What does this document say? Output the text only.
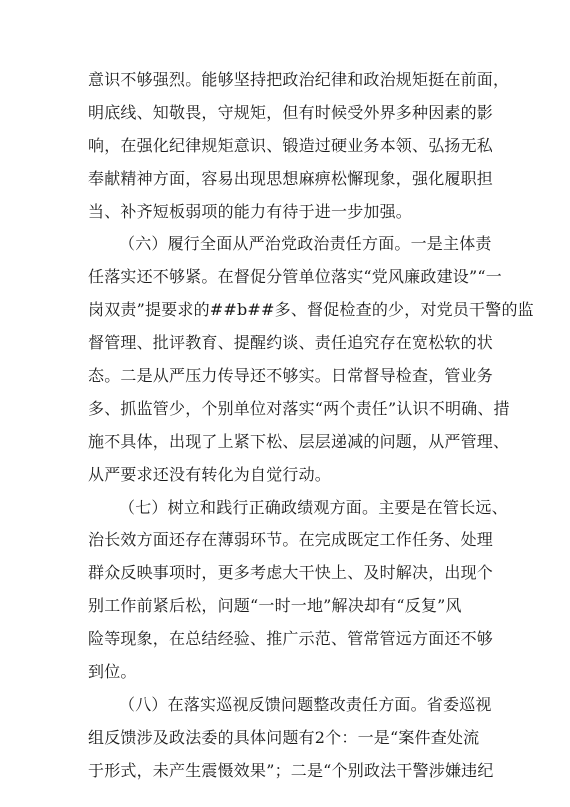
意识不够强烈。能够坚持把政治纪律和政治规矩挺在前面，
明底线、知敬畏，守规矩，但有时候受外界多种因素的影
响，在强化纪律规矩意识、锻造过硬业务本领、弘扬无私
奉献精神方面，容易出现思想麻痹松懈现象，强化履职担
当、补齐短板弱项的能力有待于进一步加强。
（六）履行全面从严治党政治责任方面。一是主体责
任落实还不够紧。在督促分管单位落实“党风廉政建设”“一
岗双责”提要求的##b##多、督促检查的少，对党员干警的监
督管理、批评教育、提醒约谈、责任追究存在宽松软的状
态。二是从严压力传导还不够实。日常督导检查，管业务
多、抓监管少，个别单位对落实“两个责任”认识不明确、措
施不具体，出现了上紧下松、层层递减的问题，从严管理、
从严要求还没有转化为自觉行动。
（七）树立和践行正确政绩观方面。主要是在管长远、
治长效方面还存在薄弱环节。在完成既定工作任务、处理
群众反映事项时，更多考虑大干快上、及时解决，出现个
别工作前紧后松，问题“一时一地”解决却有“反复”风
险等现象，在总结经验、推广示范、管常管远方面还不够
到位。
（八）在落实巡视反馈问题整改责任方面。省委巡视
组反馈涉及政法委的具体问题有2个：一是“案件查处流
于形式，未产生震慑效果”；二是“个别政法干警涉嫌违纪
